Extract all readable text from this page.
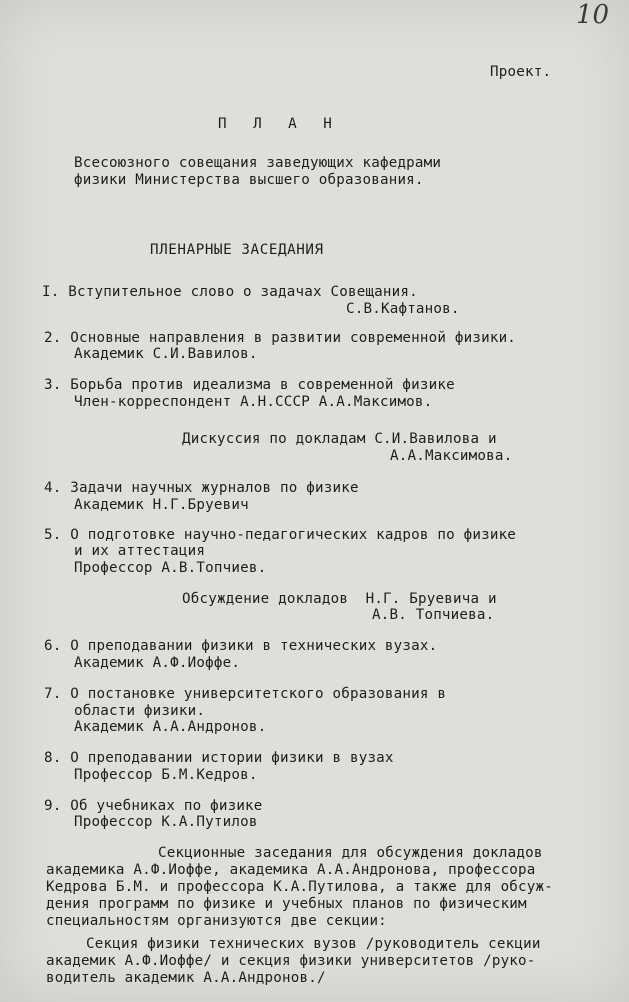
10
Проект.
П Л А Н
Всесоюзного совещания заведующих кафедрами
физики Министерства высшего образования.
ПЛЕНАРНЫЕ ЗАСЕДАНИЯ
I. Вступительное слово о задачах Совещания.
С.В.Кафтанов.
2. Основные направления в развитии современной физики.
Академик С.И.Вавилов.
3. Борьба против идеализма в современной физике
Член-корреспондент А.Н.СССР А.А.Максимов.
Дискуссия по докладам С.И.Вавилова и
А.А.Максимова.
4. Задачи научных журналов по физике
Академик Н.Г.Бруевич
5. О подготовке научно-педагогических кадров по физике
и их аттестация
Профессор А.В.Топчиев.
Обсуждение докладов  Н.Г. Бруевича и
А.В. Топчиева.
6. О преподавании физики в технических вузах.
Академик А.Ф.Иоффе.
7. О постановке университетского образования в
области физики.
Академик А.А.Андронов.
8. О преподавании истории физики в вузах
Профессор Б.М.Кедров.
9. Об учебниках по физике
Профессор К.А.Путилов
Секционные заседания для обсуждения докладов
академика А.Ф.Иоффе, академика А.А.Андронова, профессора
Кедрова Б.М. и профессора К.А.Путилова, а также для обсуж-
дения программ по физике и учебных планов по физическим
специальностям организуются две секции:
Секция физики технических вузов /руководитель секции
академик А.Ф.Иоффе/ и секция физики университетов /руко-
водитель академик А.А.Андронов./
